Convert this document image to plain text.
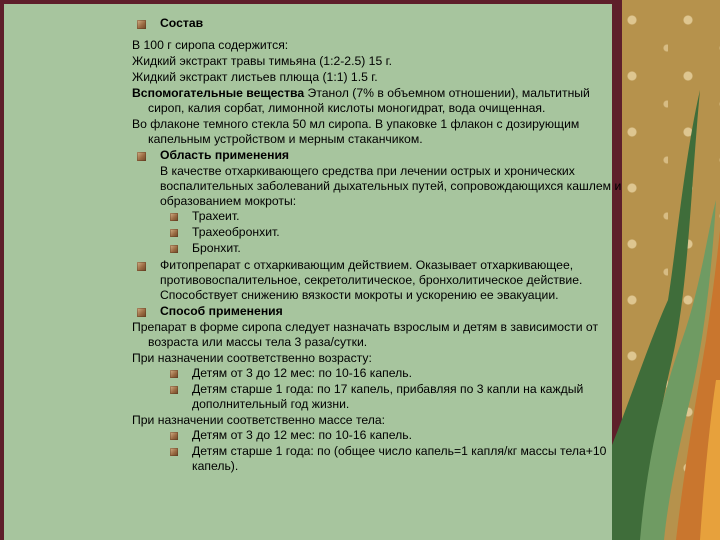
Состав
В 100 г сиропа содержится:
Жидкий экстракт травы тимьяна (1:2-2.5) 15 г.
Жидкий экстракт листьев плюща (1:1) 1.5 г.
Вспомогательные вещества Этанол (7% в объемном отношении), мальтитный
сироп, калия сорбат, лимонной кислоты моногидрат, вода очищенная.
Во флаконе темного стекла 50 мл сиропа. В упаковке 1 флакон с дозирующим
капельным устройством и мерным стаканчиком.
Область применения
В качестве отхаркивающего средства при лечении острых и хронических
воспалительных заболеваний дыхательных путей, сопровождающихся кашлем и
образованием мокроты:
Трахеит.
Трахеобронхит.
Бронхит.
Фитопрепарат с отхаркивающим действием. Оказывает отхаркивающее,
противовоспалительное, секретолитическое, бронхолитическое действие.
Способствует снижению вязкости мокроты и ускорению ее эвакуации.
Способ применения
Препарат в форме сиропа следует назначать взрослым и детям в зависимости от
возраста или массы тела 3 раза/сутки.
При назначении соответственно возрасту:
Детям от 3 до 12 мес: по 10-16 капель.
Детям старше 1 года: по 17 капель, прибавляя по 3 капли на каждый
дополнительный год жизни.
При назначении соответственно массе тела:
Детям от 3 до 12 мес: по 10-16 капель.
Детям старше 1 года: по (общее число капель=1 капля/кг массы тела+10
капель).
